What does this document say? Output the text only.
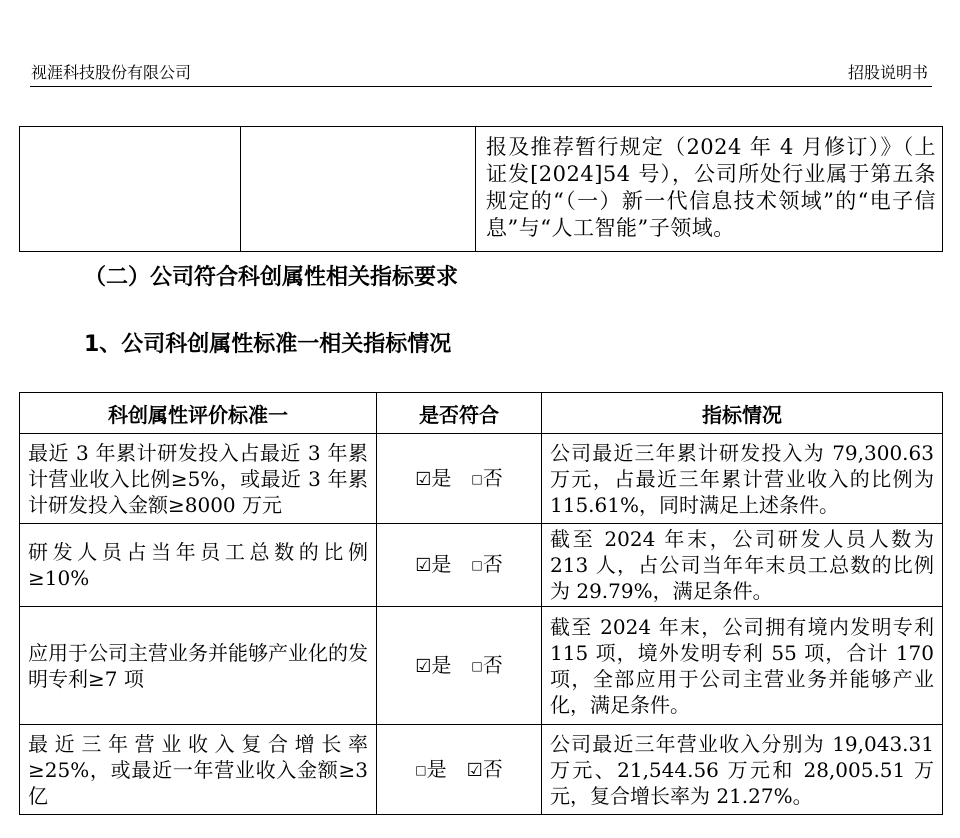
视涯科技股份有限公司	招股说明书
		报及推荐暂行规定（2024 年 4 月修订）》（上证发[2024]54 号），公司所处行业属于第五条规定的“（一）新一代信息技术领域”的“电子信息”与“人工智能”子领域。
（二）公司符合科创属性相关指标要求
1、公司科创属性标准一相关指标情况
科创属性评价标准一	是否符合	指标情况
最近 3 年累计研发投入占最近 3 年累计营业收入比例≥5%，或最近 3 年累计研发投入金额≥8000 万元	☑是 □否	公司最近三年累计研发投入为 79,300.63 万元，占最近三年累计营业收入的比例为 115.61%，同时满足上述条件。
研发人员占当年员工总数的比例≥10%	☑是 □否	截至 2024 年末，公司研发人员人数为 213 人，占公司当年年末员工总数的比例为 29.79%，满足条件。
应用于公司主营业务并能够产业化的发明专利≥7 项	☑是 □否	截至 2024 年末，公司拥有境内发明专利 115 项，境外发明专利 55 项，合计 170 项，全部应用于公司主营业务并能够产业化，满足条件。
最近三年营业收入复合增长率≥25%，或最近一年营业收入金额≥3 亿	□是 ☑否	公司最近三年营业收入分别为 19,043.31 万元、21,544.56 万元和 28,005.51 万元，复合增长率为 21.27%。
